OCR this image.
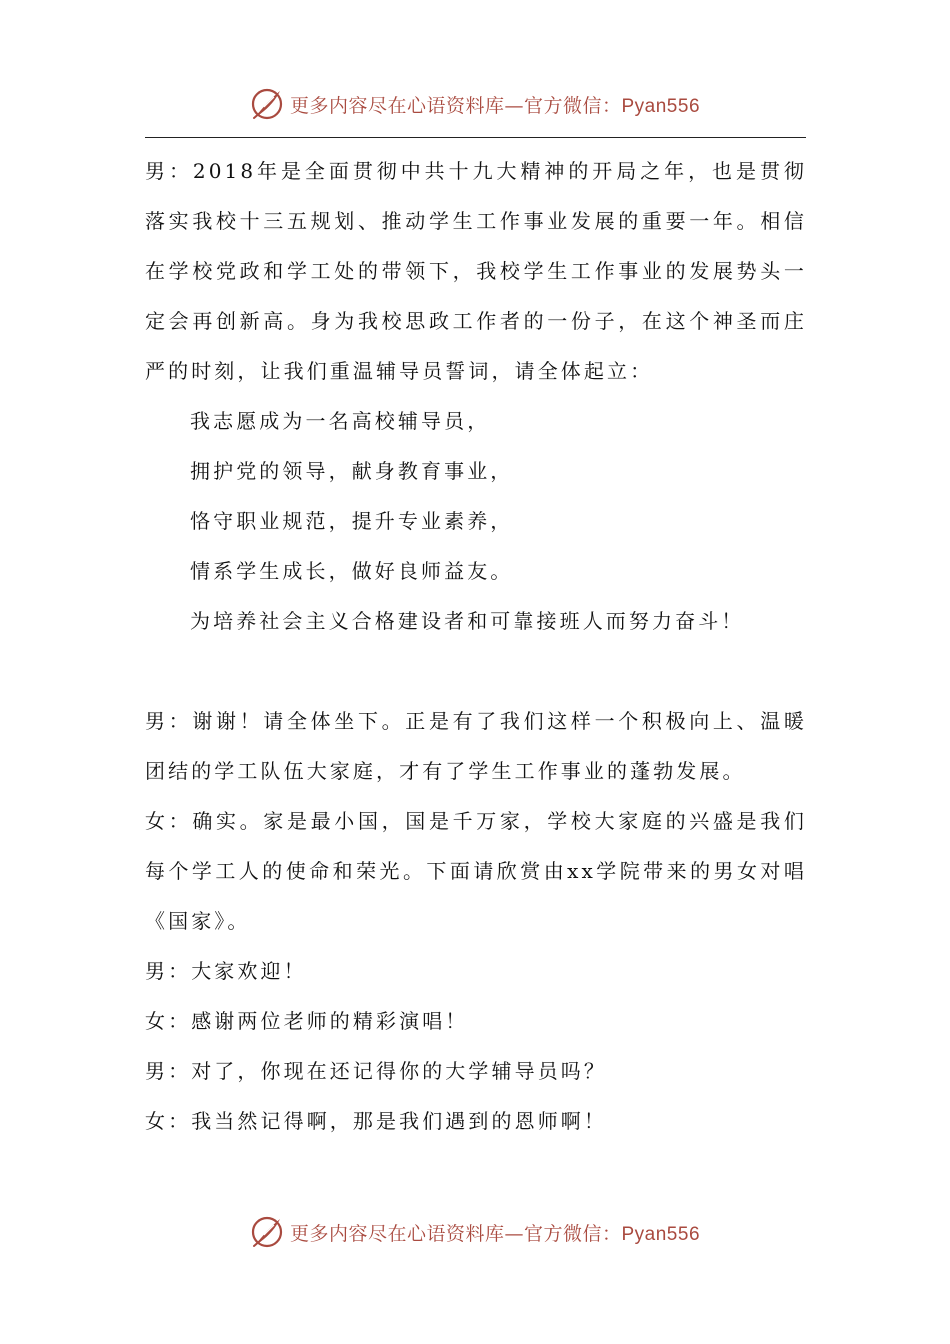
更多内容尽在心语资料库—官方微信：Pyan556

男：2018年是全面贯彻中共十九大精神的开局之年，也是贯彻落实我校十三五规划、推动学生工作事业发展的重要一年。相信在学校党政和学工处的带领下，我校学生工作事业的发展势头一定会再创新高。身为我校思政工作者的一份子，在这个神圣而庄严的时刻，让我们重温辅导员誓词，请全体起立：

我志愿成为一名高校辅导员，

拥护党的领导，献身教育事业，

恪守职业规范，提升专业素养，

情系学生成长，做好良师益友。

为培养社会主义合格建设者和可靠接班人而努力奋斗！

男：谢谢！请全体坐下。正是有了我们这样一个积极向上、温暖团结的学工队伍大家庭，才有了学生工作事业的蓬勃发展。

女：确实。家是最小国，国是千万家，学校大家庭的兴盛是我们每个学工人的使命和荣光。下面请欣赏由xx学院带来的男女对唱《国家》。

男：大家欢迎！

女：感谢两位老师的精彩演唱！

男：对了，你现在还记得你的大学辅导员吗？

女：我当然记得啊，那是我们遇到的恩师啊！

更多内容尽在心语资料库—官方微信：Pyan556
